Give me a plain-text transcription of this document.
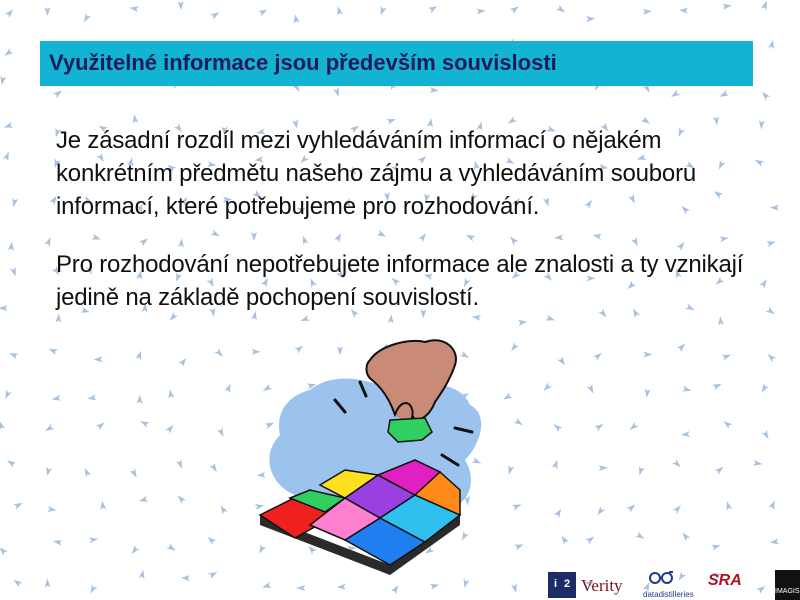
Využitelné informace jsou především souvislosti
Je zásadní rozdíl mezi vyhledáváním informací o nějakém konkrétním předmětu našeho zájmu a vyhledáváním souboru informací, které potřebujeme pro rozhodování.
Pro rozhodování nepotřebujete informace ale znalosti a ty vznikají jedině na základě pochopení souvislostí.
i 2 Verity	datadistilleries
SRA
IMAGIS
